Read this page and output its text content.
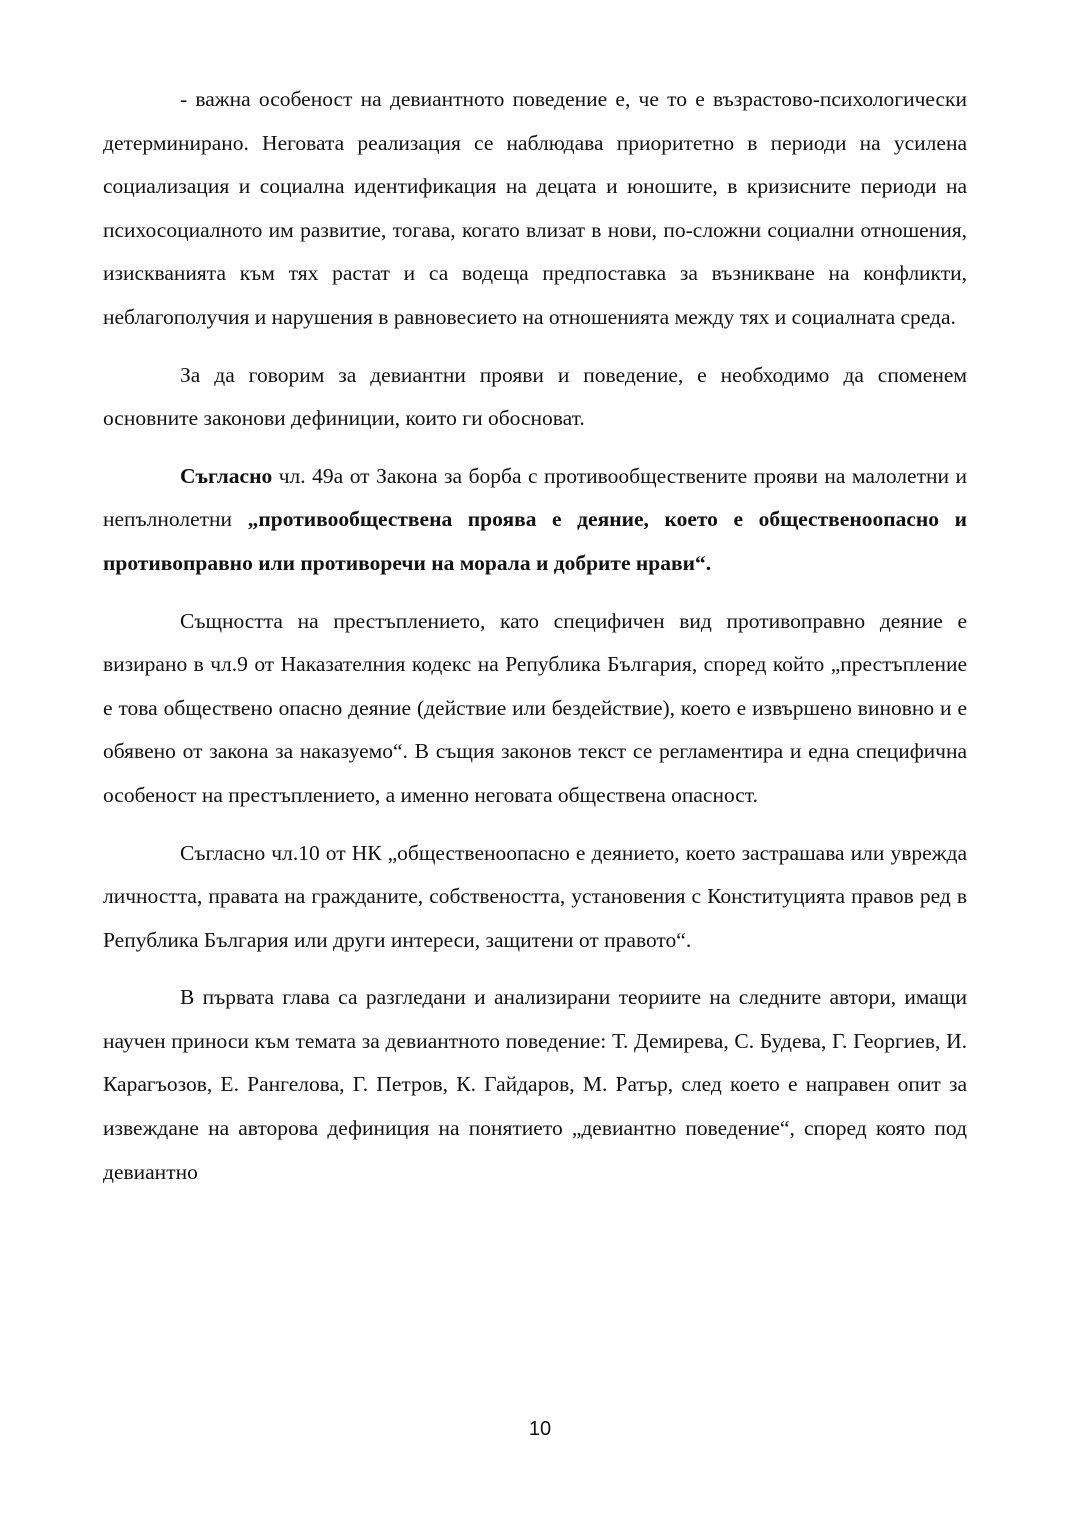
- важна особеност на девиантното поведение е, че то е възрастово-психологически детерминирано. Неговата реализация се наблюдава приоритетно в периоди на усилена социализация и социална идентификация на децата и юношите, в кризисните периоди на психосоциалното им развитие, тогава, когато влизат в нови, по-сложни социални отношения, изискванията към тях растат и са водеща предпоставка за възникване на конфликти, неблагополучия и нарушения в равновесието на отношенията между тях и социалната среда.

За да говорим за девиантни прояви и поведение, е необходимо да споменем основните законови дефиниции, които ги обосноват.

Съгласно чл. 49а от Закона за борба с противообществените прояви на малолетни и непълнолетни „противообществена проява е деяние, което е общественоопасно и противоправно или противоречи на морала и добрите нрави“.

Същността на престъплението, като специфичен вид противоправно деяние е визирано в чл.9 от Наказателния кодекс на Република България, според който „престъпление е това обществено опасно деяние (действие или бездействие), което е извършено виновно и е обявено от закона за наказуемо“. В същия законов текст се регламентира и една специфична особеност на престъплението, а именно неговата обществена опасност.

Съгласно чл.10 от НК „общественоопасно е деянието, което застрашава или уврежда личността, правата на гражданите, собствеността, установения с Конституцията правов ред в Република България или други интереси, защитени от правото“.

В първата глава са разгледани и анализирани теориите на следните автори, имащи научен приноси към темата за девиантното поведение: Т. Демирева, С. Будева, Г. Георгиев, И. Карагъозов, Е. Рангелова, Г. Петров, К. Гайдаров, М. Ратър, след което е направен опит за извеждане на авторова дефиниция на понятието „девиантно поведение“, според която под девиантно

10
